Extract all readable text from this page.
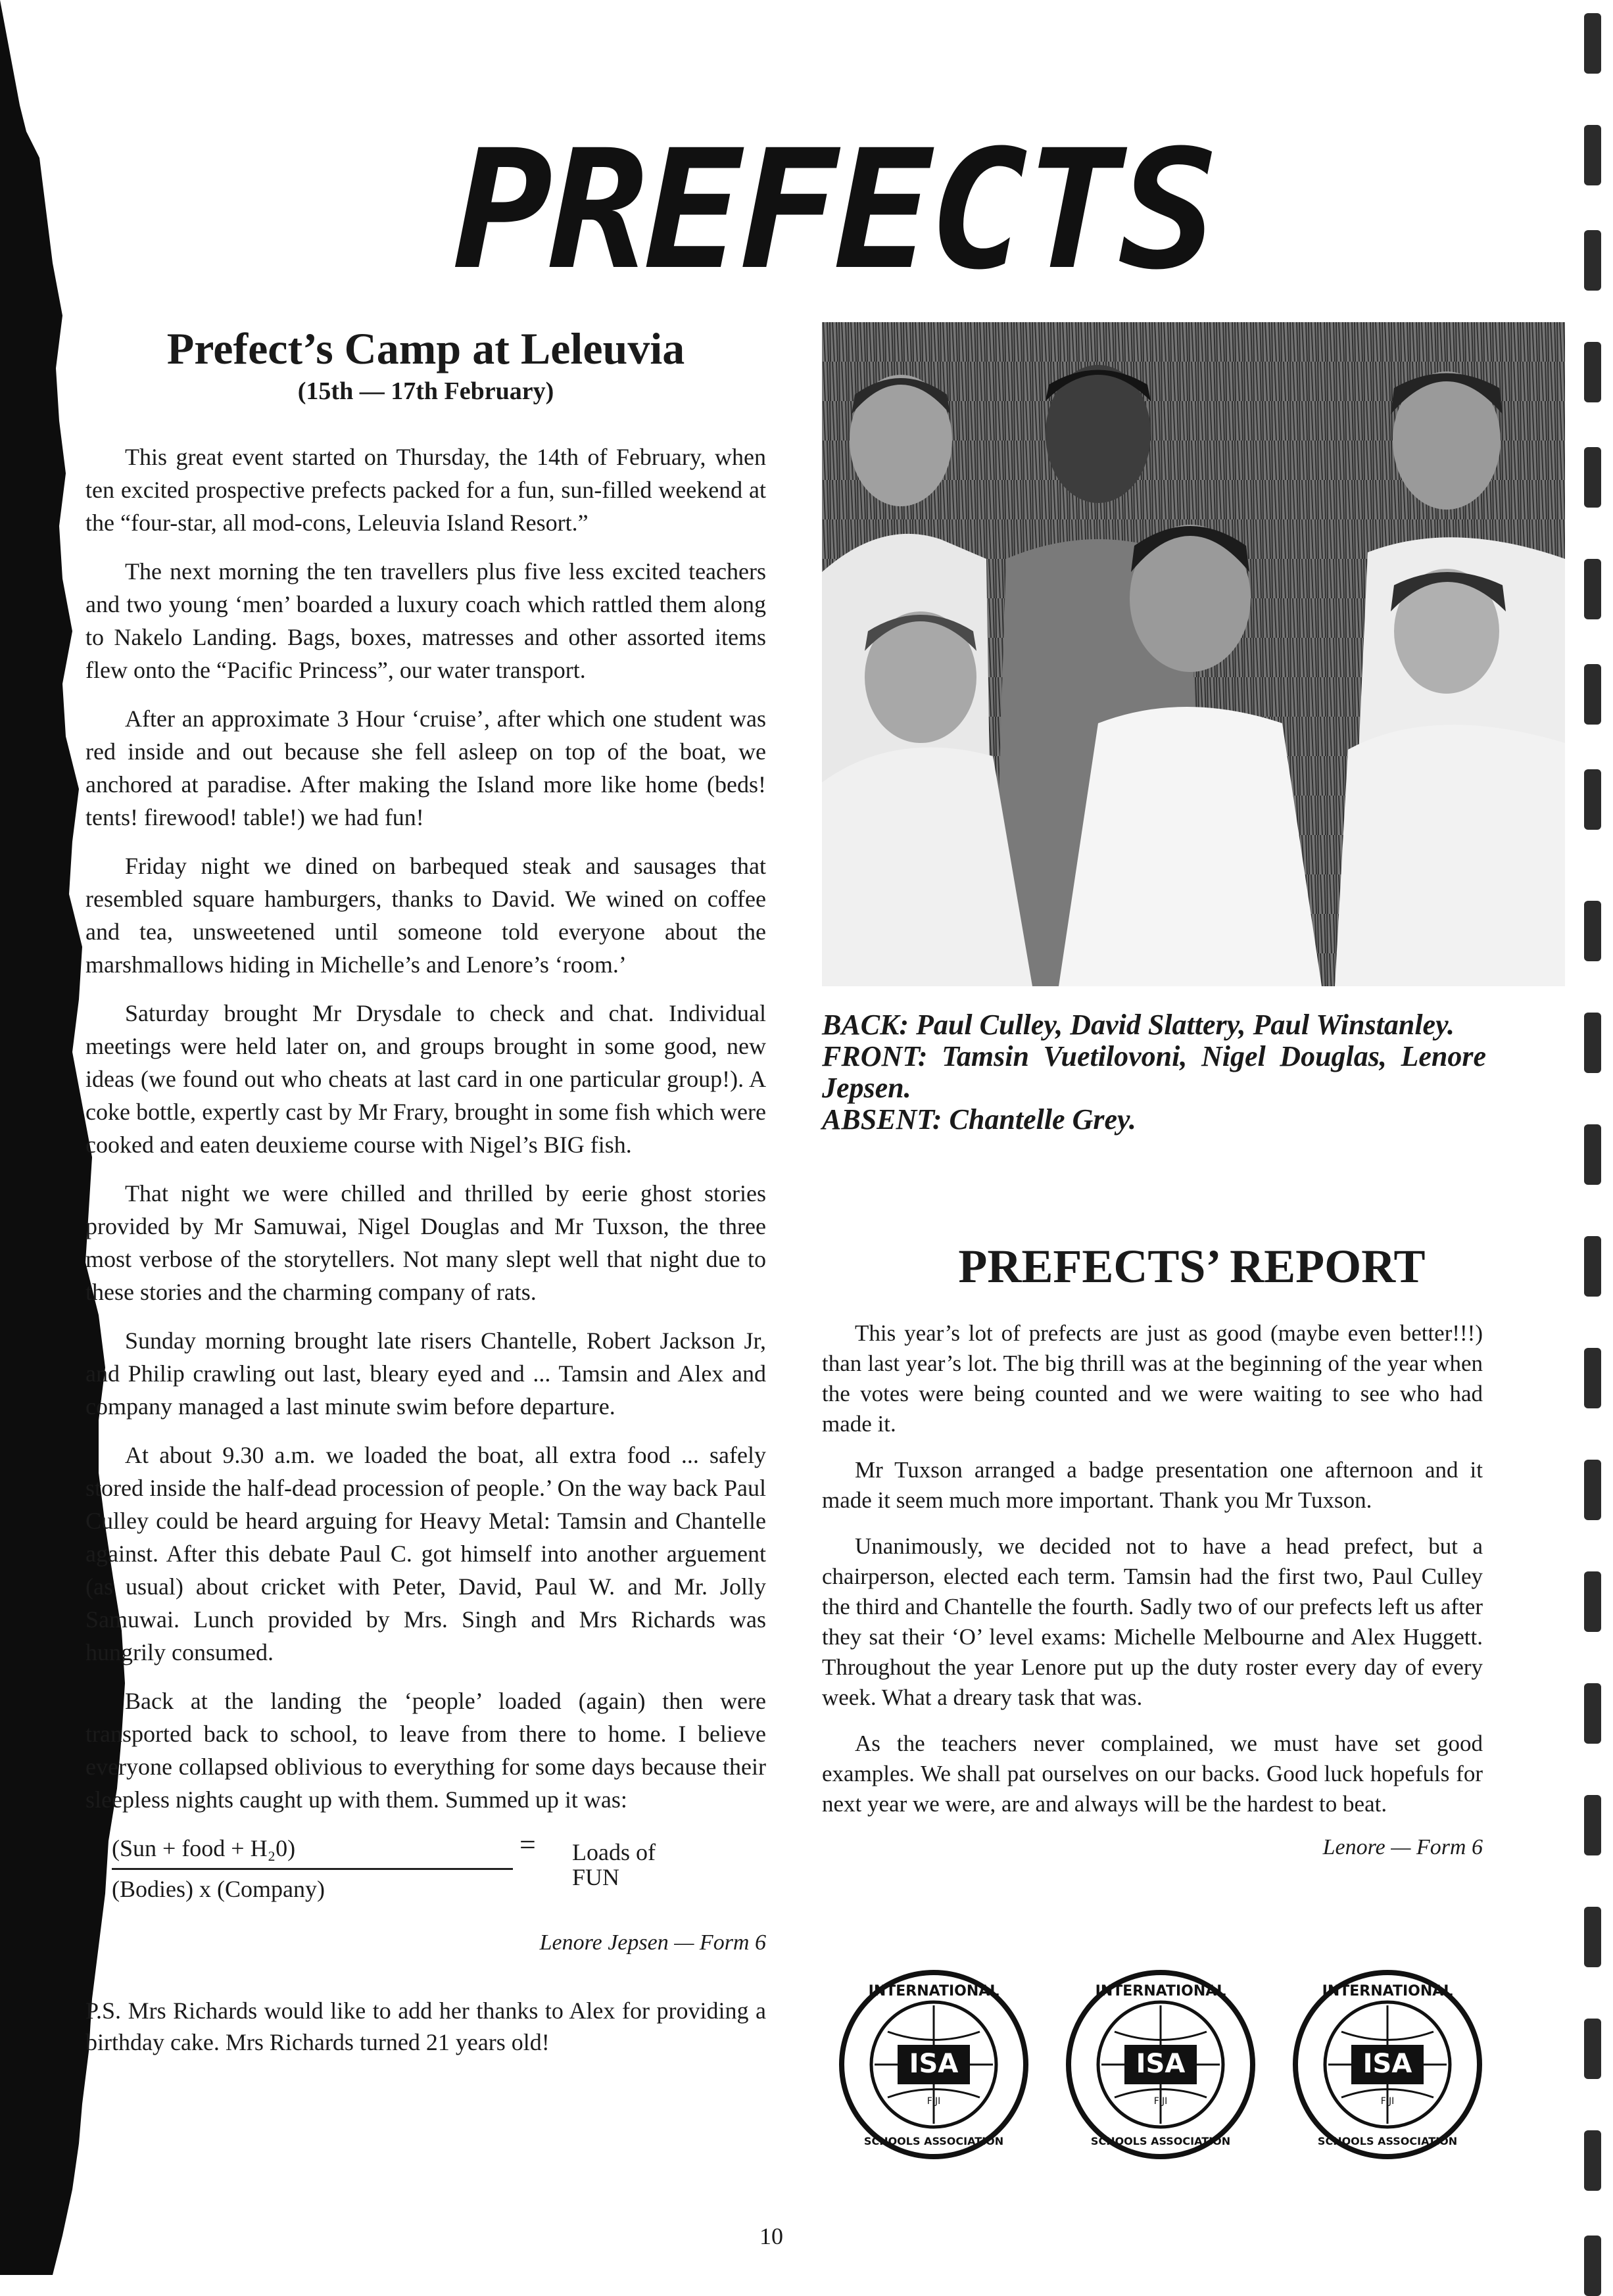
PREFECTS
Prefect’s Camp at Leleuvia

(15th — 17th February)

This great event started on Thursday, the 14th of February, when ten excited prospective prefects packed for a fun, sun-filled weekend at the “four-star, all mod-cons, Leleuvia Island Resort.”

The next morning the ten travellers plus five less excited teachers and two young ‘men’ boarded a luxury coach which rattled them along to Nakelo Landing. Bags, boxes, matresses and other assorted items flew onto the “Pacific Princess”, our water transport.

After an approximate 3 Hour ‘cruise’, after which one student was red inside and out because she fell asleep on top of the boat, we anchored at paradise. After making the Island more like home (beds! tents! firewood! table!) we had fun!

Friday night we dined on barbequed steak and sausages that resembled square hamburgers, thanks to David. We wined on coffee and tea, unsweetened until someone told everyone about the marshmallows hiding in Michelle’s and Lenore’s ‘room.’

Saturday brought Mr Drysdale to check and chat. Individual meetings were held later on, and groups brought in some good, new ideas (we found out who cheats at last card in one particular group!). A coke bottle, expertly cast by Mr Frary, brought in some fish which were cooked and eaten deuxieme course with Nigel’s BIG fish.

That night we were chilled and thrilled by eerie ghost stories provided by Mr Samuwai, Nigel Douglas and Mr Tuxson, the three most verbose of the storytellers. Not many slept well that night due to these stories and the charming company of rats.

Sunday morning brought late risers Chantelle, Robert Jackson Jr, and Philip crawling out last, bleary eyed and ... Tamsin and Alex and company managed a last minute swim before departure.

At about 9.30 a.m. we loaded the boat, all extra food ... safely stored inside the half-dead procession of people.’ On the way back Paul Culley could be heard arguing for Heavy Metal: Tamsin and Chantelle against. After this debate Paul C. got himself into another arguement (as usual) about cricket with Peter, David, Paul W. and Mr. Jolly Samuwai. Lunch provided by Mrs. Singh and Mrs Richards was hungrily consumed.

Back at the landing the ‘people’ loaded (again) then were transported back to school, to leave from there to home. I believe everyone collapsed oblivious to everything for some days because their sleepless nights caught up with them. Summed up it was:

(Sun + food + H₂0)
(Bodies) x (Company)
= Loads of
FUN

Lenore Jepsen — Form 6

P.S. Mrs Richards would like to add her thanks to Alex for providing a birthday cake. Mrs Richards turned 21 years old!

BACK: Paul Culley, David Slattery, Paul Winstanley.

FRONT: Tamsin Vuetilovoni, Nigel Douglas, Lenore Jepsen.

ABSENT: Chantelle Grey.

PREFECTS’ REPORT

This year’s lot of prefects are just as good (maybe even better!!!) than last year’s lot. The big thrill was at the beginning of the year when the votes were being counted and we were waiting to see who had made it.

Mr Tuxson arranged a badge presentation one afternoon and it made it seem much more important. Thank you Mr Tuxson.

Unanimously, we decided not to have a head prefect, but a chairperson, elected each term. Tamsin had the first two, Paul Culley the third and Chantelle the fourth. Sadly two of our prefects left us after they sat their ‘O’ level exams: Michelle Melbourne and Alex Huggett. Throughout the year Lenore put up the duty roster every day of every week. What a dreary task that was.

As the teachers never complained, we must have set good examples. We shall pat ourselves on our backs. Good luck hopefuls for next year we were, are and always will be the hardest to beat.

Lenore — Form 6

ISA
FIJI
INTERNATIONAL
SCHOOLS ASSOCIATION
ISA
FIJI
INTERNATIONAL
SCHOOLS ASSOCIATION
ISA
FIJI
INTERNATIONAL
SCHOOLS ASSOCIATION
10
